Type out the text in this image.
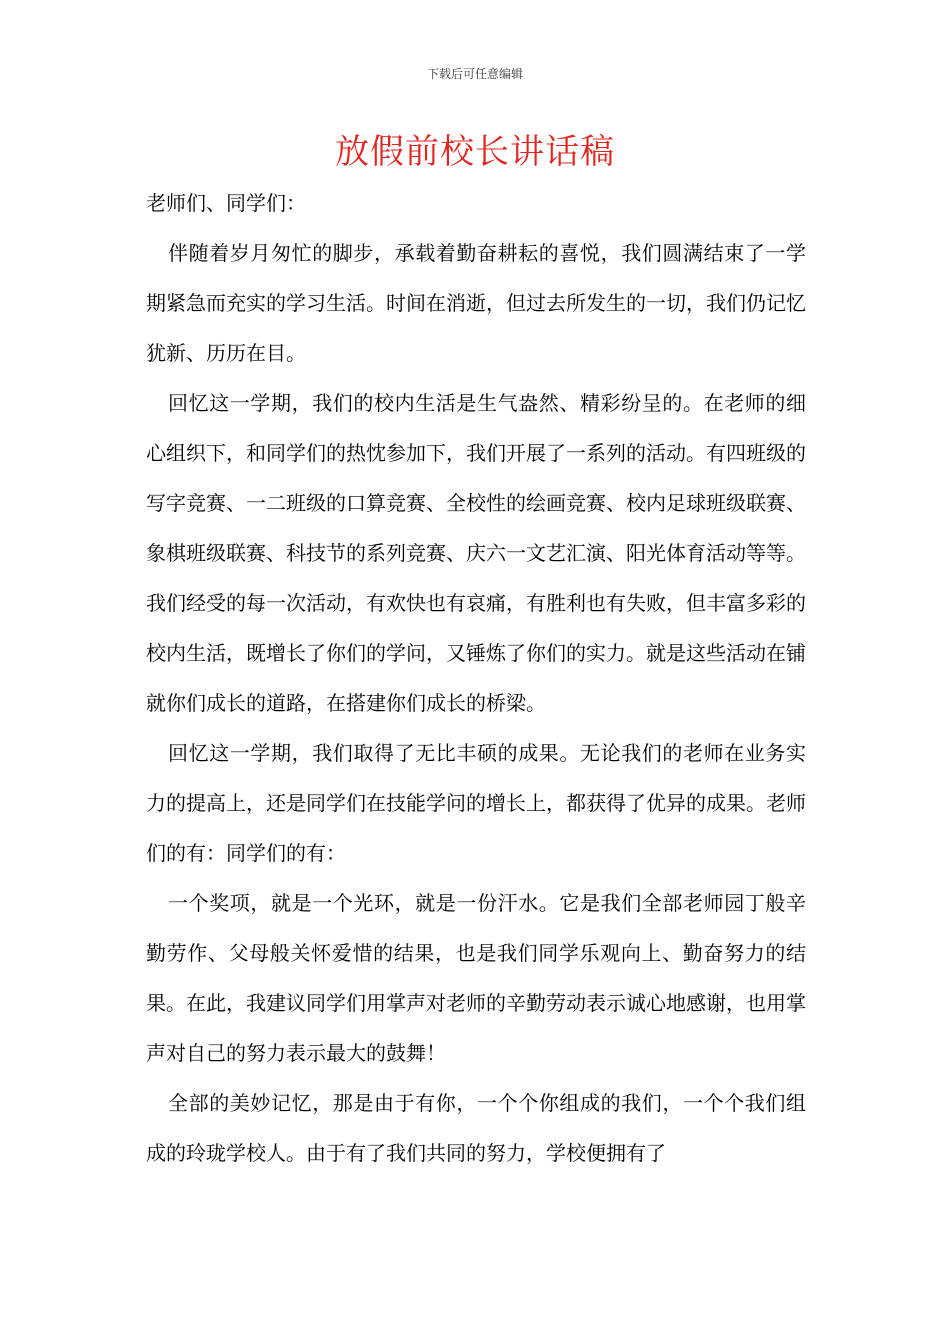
下载后可任意编辑
放假前校长讲话稿

老师们、同学们：

伴随着岁月匆忙的脚步，承载着勤奋耕耘的喜悦，我们圆满结束了一学期紧急而充实的学习生活。时间在消逝，但过去所发生的一切，我们仍记忆犹新、历历在目。

回忆这一学期，我们的校内生活是生气盎然、精彩纷呈的。在老师的细心组织下，和同学们的热忱参加下，我们开展了一系列的活动。有四班级的写字竞赛、一二班级的口算竞赛、全校性的绘画竞赛、校内足球班级联赛、象棋班级联赛、科技节的系列竞赛、庆六一文艺汇演、阳光体育活动等等。我们经受的每一次活动，有欢快也有哀痛，有胜利也有失败，但丰富多彩的校内生活，既增长了你们的学问，又锤炼了你们的实力。就是这些活动在铺就你们成长的道路，在搭建你们成长的桥梁。

回忆这一学期，我们取得了无比丰硕的成果。无论我们的老师在业务实力的提高上，还是同学们在技能学问的增长上，都获得了优异的成果。老师们的有：同学们的有：

一个奖项，就是一个光环，就是一份汗水。它是我们全部老师园丁般辛勤劳作、父母般关怀爱惜的结果，也是我们同学乐观向上、勤奋努力的结果。在此，我建议同学们用掌声对老师的辛勤劳动表示诚心地感谢，也用掌声对自己的努力表示最大的鼓舞！

全部的美妙记忆，那是由于有你，一个个你组成的我们，一个个我们组成的玲珑学校人。由于有了我们共同的努力，学校便拥有了
